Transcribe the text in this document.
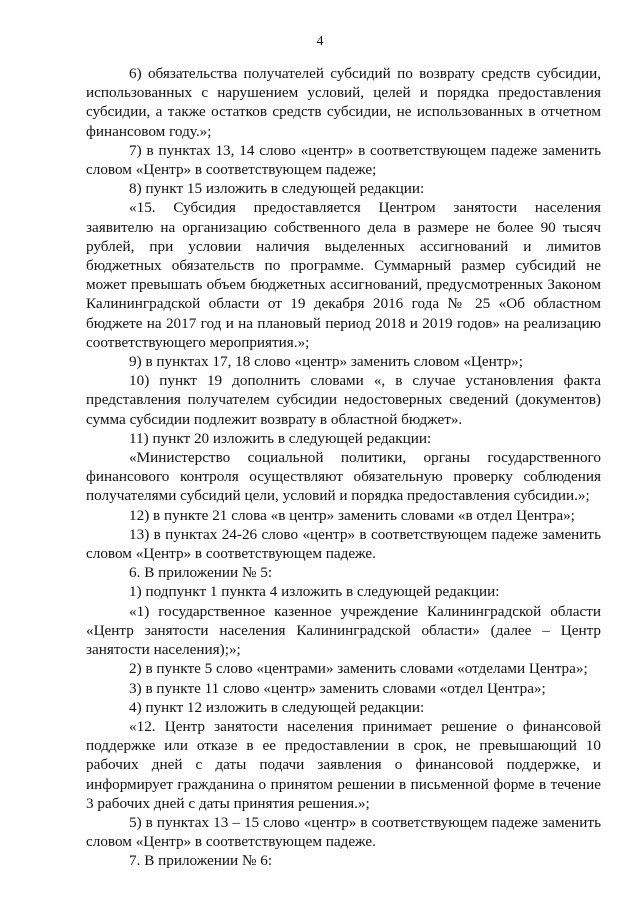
4

6) обязательства получателей субсидий по возврату средств субсидии, использованных с нарушением условий, целей и порядка предоставления субсидии, а также остатков средств субсидии, не использованных в отчетном финансовом году.»;

7) в пунктах 13, 14 слово «центр» в соответствующем падеже заменить словом «Центр» в соответствующем падеже;

8) пункт 15 изложить в следующей редакции:

«15. Субсидия предоставляется Центром занятости населения заявителю на организацию собственного дела в размере не более 90 тысяч рублей, при условии наличия выделенных ассигнований и лимитов бюджетных обязательств по программе. Суммарный размер субсидий не может превышать объем бюджетных ассигнований, предусмотренных Законом Калининградской области от 19 декабря 2016 года № 25 «Об областном бюджете на 2017 год и на плановый период 2018 и 2019 годов» на реализацию соответствующего мероприятия.»;

9) в пунктах 17, 18 слово «центр» заменить словом «Центр»;

10) пункт 19 дополнить словами «, в случае установления факта представления получателем субсидии недостоверных сведений (документов) сумма субсидии подлежит возврату в областной бюджет».

11) пункт 20 изложить в следующей редакции:

«Министерство социальной политики, органы государственного финансового контроля осуществляют обязательную проверку соблюдения получателями субсидий цели, условий и порядка предоставления субсидии.»;

12) в пункте 21 слова «в центр» заменить словами «в отдел Центра»;

13) в пунктах 24-26 слово «центр» в соответствующем падеже заменить словом «Центр» в соответствующем падеже.

6. В приложении № 5:

1) подпункт 1 пункта 4 изложить в следующей редакции:

«1) государственное казенное учреждение Калининградской области «Центр занятости населения Калининградской области» (далее – Центр занятости населения);»;

2) в пункте 5 слово «центрами» заменить словами «отделами Центра»;

3) в пункте 11 слово «центр» заменить словами «отдел Центра»;

4) пункт 12 изложить в следующей редакции:

«12. Центр занятости населения принимает решение о финансовой поддержке или отказе в ее предоставлении в срок, не превышающий 10 рабочих дней с даты подачи заявления о финансовой поддержке, и информирует гражданина о принятом решении в письменной форме в течение 3 рабочих дней с даты принятия решения.»;

5) в пунктах 13 – 15 слово «центр» в соответствующем падеже заменить словом «Центр» в соответствующем падеже.

7. В приложении № 6:
